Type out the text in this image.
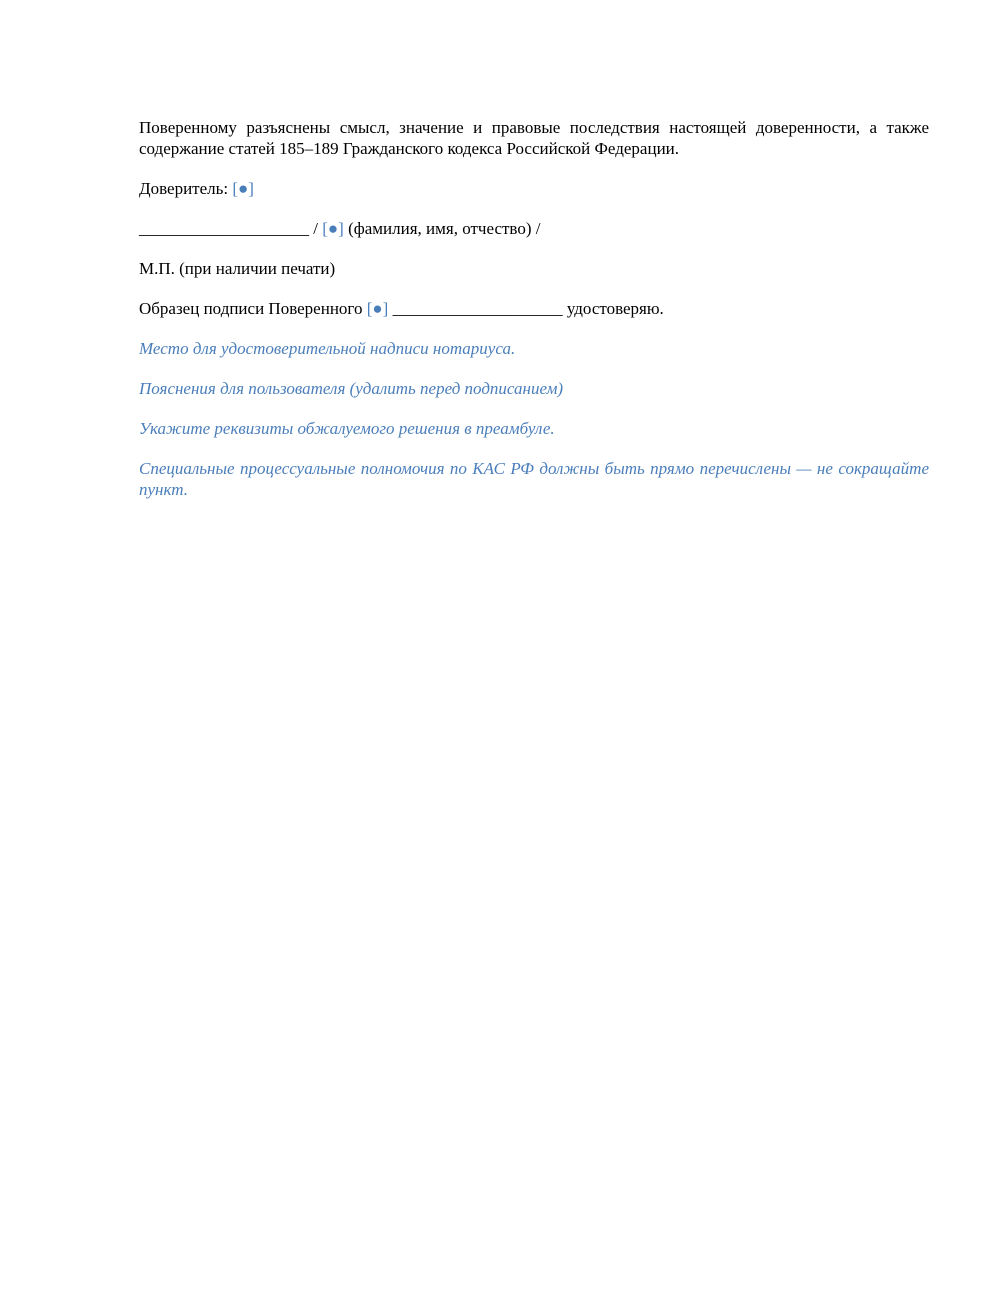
Поверенному разъяснены смысл, значение и правовые последствия настоящей доверенности, а также содержание статей 185–189 Гражданского кодекса Российской Федерации.

Доверитель: [●]

____________________ / [●] (фамилия, имя, отчество) /

М.П. (при наличии печати)

Образец подписи Поверенного [●] ____________________ удостоверяю.

Место для удостоверительной надписи нотариуса.

Пояснения для пользователя (удалить перед подписанием)

Укажите реквизиты обжалуемого решения в преамбуле.

Специальные процессуальные полномочия по КАС РФ должны быть прямо перечислены — не сокращайте пункт.
